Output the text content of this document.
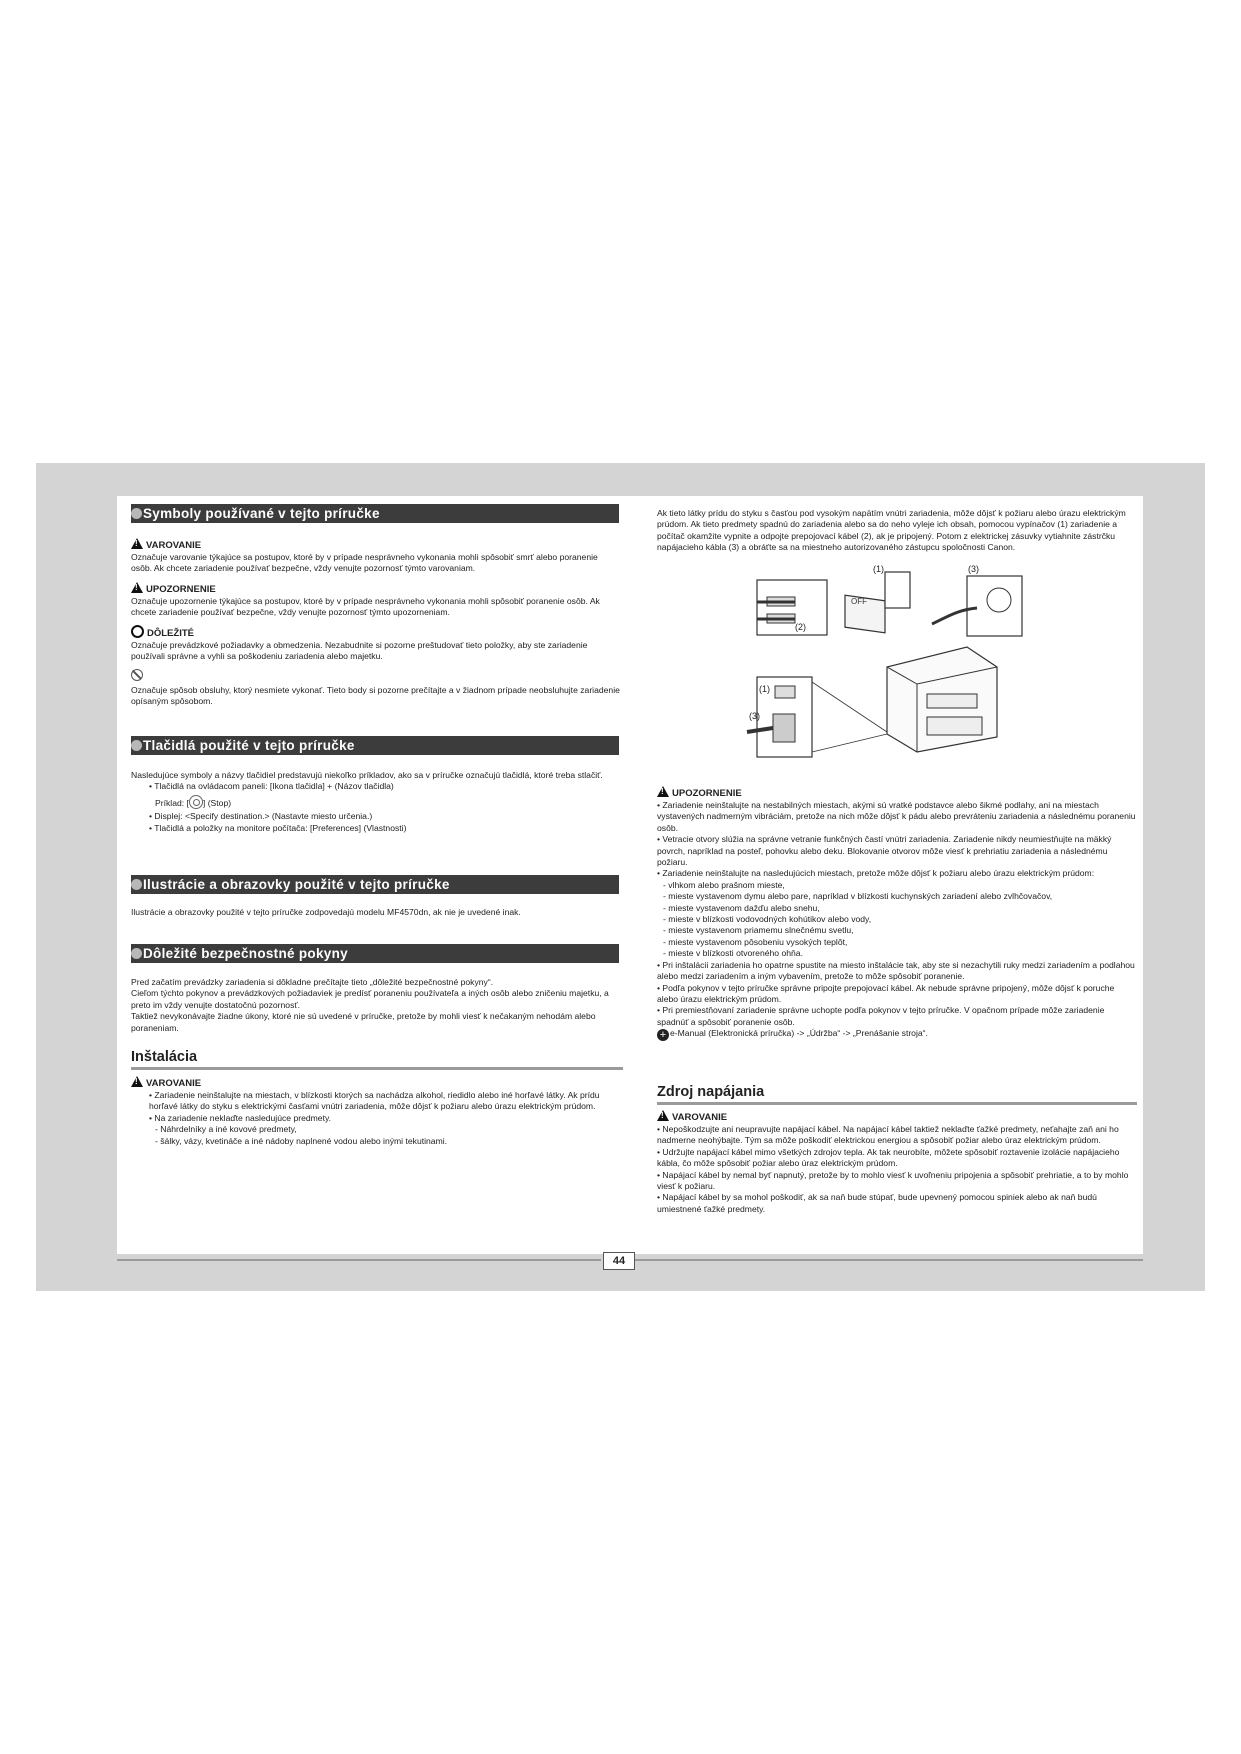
Symboly používané v tejto príručke

!VAROVANIE

Označuje varovanie týkajúce sa postupov, ktoré by v prípade nesprávneho vykonania mohli spôsobiť smrť alebo poranenie osôb. Ak chcete zariadenie používať bezpečne, vždy venujte pozornosť týmto varovaniam.

!UPOZORNENIE

Označuje upozornenie týkajúce sa postupov, ktoré by v prípade nesprávneho vykonania mohli spôsobiť poranenie osôb. Ak chcete zariadenie používať bezpečne, vždy venujte pozornosť týmto upozorneniam.

DÔLEŽITÉ

Označuje prevádzkové požiadavky a obmedzenia. Nezabudnite si pozorne preštudovať tieto položky, aby ste zariadenie používali správne a vyhli sa poškodeniu zariadenia alebo majetku.

Označuje spôsob obsluhy, ktorý nesmiete vykonať. Tieto body si pozorne prečítajte a v žiadnom prípade neobsluhujte zariadenie opísaným spôsobom.

Tlačidlá použité v tejto príručke

Nasledujúce symboly a názvy tlačidiel predstavujú niekoľko príkladov, ako sa v príručke označujú tlačidlá, ktoré treba stlačiť.

• Tlačidlá na ovládacom paneli: [Ikona tlačidla] + (Názov tlačidla)

Príklad: [ ] (Stop)

• Displej: <Specify destination.> (Nastavte miesto určenia.)

• Tlačidlá a položky na monitore počítača: [Preferences] (Vlastnosti)

Ilustrácie a obrazovky použité v tejto príručke

Ilustrácie a obrazovky použité v tejto príručke zodpovedajú modelu MF4570dn, ak nie je uvedené inak.

Dôležité bezpečnostné pokyny

Pred začatím prevádzky zariadenia si dôkladne prečítajte tieto „dôležité bezpečnostné pokyny“.

Cieľom týchto pokynov a prevádzkových požiadaviek je predísť poraneniu používateľa a iných osôb alebo zničeniu majetku, a preto im vždy venujte dostatočnú pozornosť.

Taktiež nevykonávajte žiadne úkony, ktoré nie sú uvedené v príručke, pretože by mohli viesť k nečakaným nehodám alebo poraneniam.

Inštalácia

!VAROVANIE

• Zariadenie neinštalujte na miestach, v blízkosti ktorých sa nachádza alkohol, riedidlo alebo iné horľavé látky. Ak prídu horľavé látky do styku s elektrickými časťami vnútri zariadenia, môže dôjsť k požiaru alebo úrazu elektrickým prúdom.

• Na zariadenie neklaďte nasledujúce predmety.

- Náhrdelníky a iné kovové predmety,

- šálky, vázy, kvetináče a iné nádoby naplnené vodou alebo inými tekutinami.

Ak tieto látky prídu do styku s časťou pod vysokým napätím vnútri zariadenia, môže dôjsť k požiaru alebo úrazu elektrickým prúdom. Ak tieto predmety spadnú do zariadenia alebo sa do neho vyleje ich obsah, pomocou vypínačov (1) zariadenie a počítač okamžite vypnite a odpojte prepojovací kábel (2), ak je pripojený. Potom z elektrickej zásuvky vytiahnite zástrčku napájacieho kábla (3) a obráťte sa na miestneho autorizovaného zástupcu spoločnosti Canon.

(2)
OFF
(1)	(3)
(1)
(3)

!UPOZORNENIE

• Zariadenie neinštalujte na nestabilných miestach, akými sú vratké podstavce alebo šikmé podlahy, ani na miestach vystavených nadmerným vibráciám, pretože na nich môže dôjsť k pádu alebo prevráteniu zariadenia a následnému poraneniu osôb.

• Vetracie otvory slúžia na správne vetranie funkčných častí vnútri zariadenia. Zariadenie nikdy neumiestňujte na mäkký povrch, napríklad na posteľ, pohovku alebo deku. Blokovanie otvorov môže viesť k prehriatiu zariadenia a následnému požiaru.

• Zariadenie neinštalujte na nasledujúcich miestach, pretože môže dôjsť k požiaru alebo úrazu elektrickým prúdom:

- vlhkom alebo prašnom mieste,

- mieste vystavenom dymu alebo pare, napríklad v blízkosti kuchynských zariadení alebo zvlhčovačov,

- mieste vystavenom dažďu alebo snehu,

- mieste v blízkosti vodovodných kohútikov alebo vody,

- mieste vystavenom priamemu slnečnému svetlu,

- mieste vystavenom pôsobeniu vysokých teplôt,

- mieste v blízkosti otvoreného ohňa.

• Pri inštalácii zariadenia ho opatrne spustite na miesto inštalácie tak, aby ste si nezachytili ruky medzi zariadením a podlahou alebo medzi zariadením a iným vybavením, pretože to môže spôsobiť poranenie.

• Podľa pokynov v tejto príručke správne pripojte prepojovací kábel. Ak nebude správne pripojený, môže dôjsť k poruche alebo úrazu elektrickým prúdom.

• Pri premiestňovaní zariadenie správne uchopte podľa pokynov v tejto príručke. V opačnom prípade môže zariadenie spadnúť a spôsobiť poranenie osôb.

+ e-Manual (Elektronická príručka) -> „Údržba“ -> „Prenášanie stroja“.

Zdroj napájania

!VAROVANIE

• Nepoškodzujte ani neupravujte napájací kábel. Na napájací kábel taktiež neklaďte ťažké predmety, neťahajte zaň ani ho nadmerne neohýbajte. Tým sa môže poškodiť elektrickou energiou a spôsobiť požiar alebo úraz elektrickým prúdom.

• Udržujte napájací kábel mimo všetkých zdrojov tepla. Ak tak neurobíte, môžete spôsobiť roztavenie izolácie napájacieho kábla, čo môže spôsobiť požiar alebo úraz elektrickým prúdom.

• Napájací kábel by nemal byť napnutý, pretože by to mohlo viesť k uvoľneniu pripojenia a spôsobiť prehriatie, a to by mohlo viesť k požiaru.

• Napájací kábel by sa mohol poškodiť, ak sa naň bude stúpať, bude upevnený pomocou spiniek alebo ak naň budú umiestnené ťažké predmety.

44
